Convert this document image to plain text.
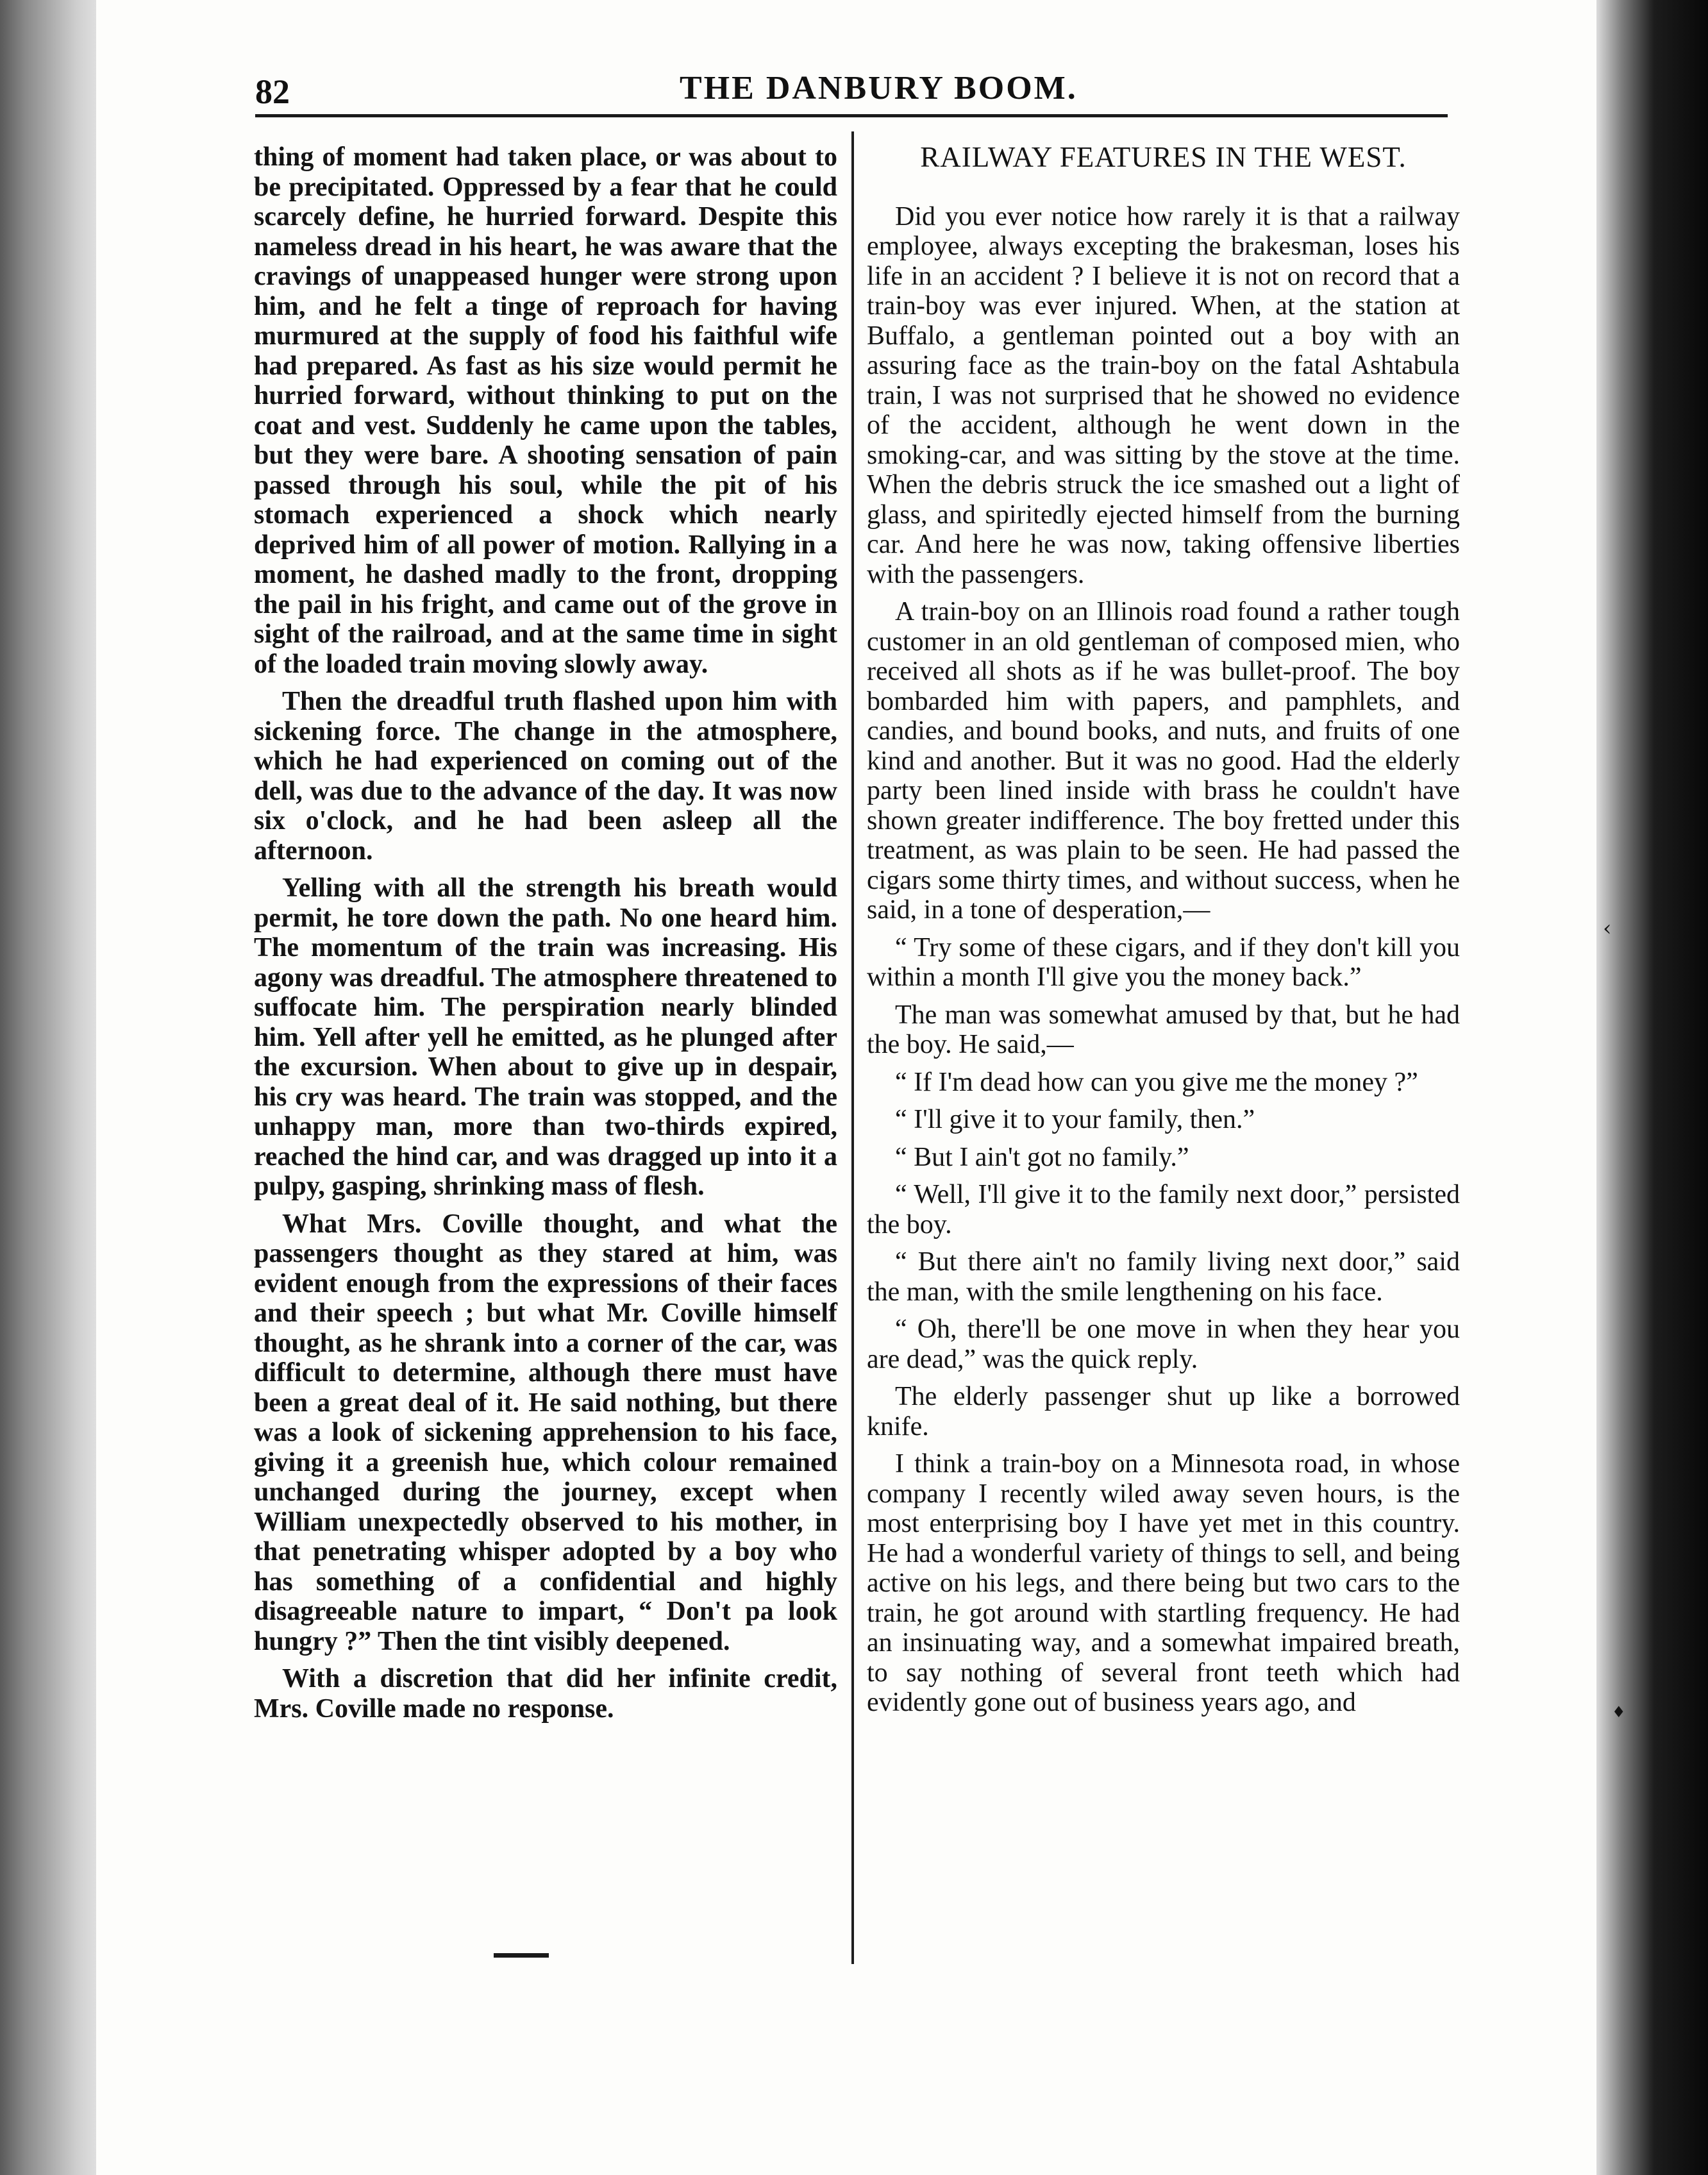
82	THE DANBURY BOOM.

thing of moment had taken place, or was about to be precipitated. Oppressed by a fear that he could scarcely define, he hurried forward. Despite this nameless dread in his heart, he was aware that the cravings of unappeased hunger were strong upon him, and he felt a tinge of reproach for having murmured at the supply of food his faithful wife had prepared. As fast as his size would permit he hurried forward, without thinking to put on the coat and vest. Suddenly he came upon the tables, but they were bare. A shooting sensation of pain passed through his soul, while the pit of his stomach experienced a shock which nearly deprived him of all power of motion. Rallying in a moment, he dashed madly to the front, dropping the pail in his fright, and came out of the grove in sight of the railroad, and at the same time in sight of the loaded train moving slowly away.

Then the dreadful truth flashed upon him with sickening force. The change in the atmosphere, which he had experienced on coming out of the dell, was due to the advance of the day. It was now six o'clock, and he had been asleep all the afternoon.

Yelling with all the strength his breath would permit, he tore down the path. No one heard him. The momentum of the train was increasing. His agony was dreadful. The atmosphere threatened to suffocate him. The perspiration nearly blinded him. Yell after yell he emitted, as he plunged after the excursion. When about to give up in despair, his cry was heard. The train was stopped, and the unhappy man, more than two-thirds expired, reached the hind car, and was dragged up into it a pulpy, gasping, shrinking mass of flesh.

What Mrs. Coville thought, and what the passengers thought as they stared at him, was evident enough from the expressions of their faces and their speech ; but what Mr. Coville himself thought, as he shrank into a corner of the car, was difficult to determine, although there must have been a great deal of it. He said nothing, but there was a look of sickening apprehension to his face, giving it a greenish hue, which colour remained unchanged during the journey, except when William unexpectedly observed to his mother, in that penetrating whisper adopted by a boy who has something of a confidential and highly disagreeable nature to impart, “ Don't pa look hungry ?” Then the tint visibly deepened.

With a discretion that did her infinite credit, Mrs. Coville made no response.

RAILWAY FEATURES IN THE WEST.

Did you ever notice how rarely it is that a railway employee, always excepting the brakesman, loses his life in an accident ? I believe it is not on record that a train-boy was ever injured. When, at the station at Buffalo, a gentleman pointed out a boy with an assuring face as the train-boy on the fatal Ashtabula train, I was not surprised that he showed no evidence of the accident, although he went down in the smoking-car, and was sitting by the stove at the time. When the debris struck the ice smashed out a light of glass, and spiritedly ejected himself from the burning car. And here he was now, taking offensive liberties with the passengers.

A train-boy on an Illinois road found a rather tough customer in an old gentleman of composed mien, who received all shots as if he was bullet-proof. The boy bombarded him with papers, and pamphlets, and candies, and bound books, and nuts, and fruits of one kind and another. But it was no good. Had the elderly party been lined inside with brass he couldn't have shown greater indifference. The boy fretted under this treatment, as was plain to be seen. He had passed the cigars some thirty times, and without success, when he said, in a tone of desperation,—

“ Try some of these cigars, and if they don't kill you within a month I'll give you the money back.”

The man was somewhat amused by that, but he had the boy. He said,—

“ If I'm dead how can you give me the money ?”

“ I'll give it to your family, then.”

“ But I ain't got no family.”

“ Well, I'll give it to the family next door,” persisted the boy.

“ But there ain't no family living next door,” said the man, with the smile lengthening on his face.

“ Oh, there'll be one move in when they hear you are dead,” was the quick reply.

The elderly passenger shut up like a borrowed knife.

I think a train-boy on a Minnesota road, in whose company I recently wiled away seven hours, is the most enterprising boy I have yet met in this country. He had a wonderful variety of things to sell, and being active on his legs, and there being but two cars to the train, he got around with startling frequency. He had an insinuating way, and a somewhat impaired breath, to say nothing of several front teeth which had evidently gone out of business years ago, and

‹
♦
